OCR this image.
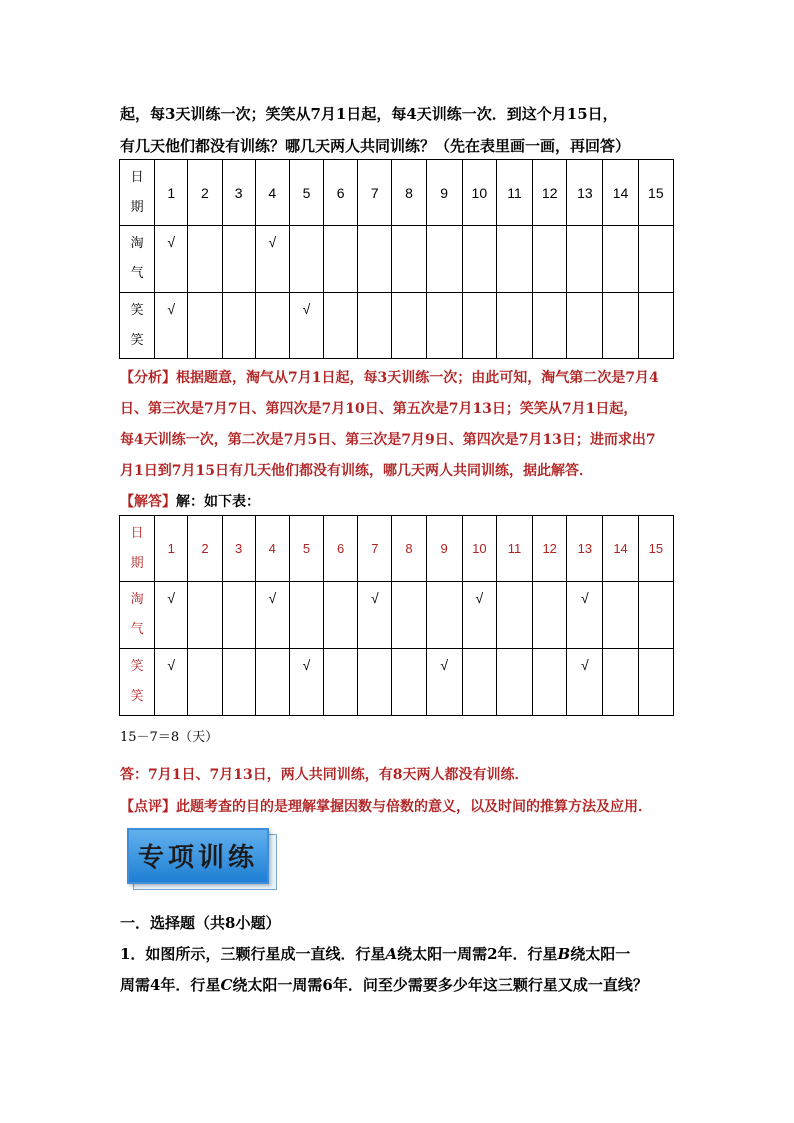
起，每3天训练一次；笑笑从7月1日起，每4天训练一次．到这个月15日，
有几天他们都没有训练？哪几天两人共同训练？（先在表里画一画，再回答）
日
期	1	2	3	4	5	6	7	8	9	10	11	12	13	14	15
淘
气	√			√											
笑
笑	√				√										
【分析】根据题意，淘气从7月1日起，每3天训练一次；由此可知，淘气第二次是7月4
日、第三次是7月7日、第四次是7月10日、第五次是7月13日；笑笑从7月1日起，
每4天训练一次，第二次是7月5日、第三次是7月9日、第四次是7月13日；进而求出7
月1日到7月15日有几天他们都没有训练，哪几天两人共同训练，据此解答．
【解答】解：如下表：
日
期	1	2	3	4	5	6	7	8	9	10	11	12	13	14	15
淘
气	√			√			√			√			√		
笑
笑	√				√				√				√		
15－7＝8（天）
答：7月1日、7月13日，两人共同训练，有8天两人都没有训练．
【点评】此题考查的目的是理解掌握因数与倍数的意义，以及时间的推算方法及应用．
专项训练
一．选择题（共8小题）
1．如图所示，三颗行星成一直线．行星A绕太阳一周需2年．行星B绕太阳一
周需4年．行星C绕太阳一周需6年．问至少需要多少年这三颗行星又成一直线？
